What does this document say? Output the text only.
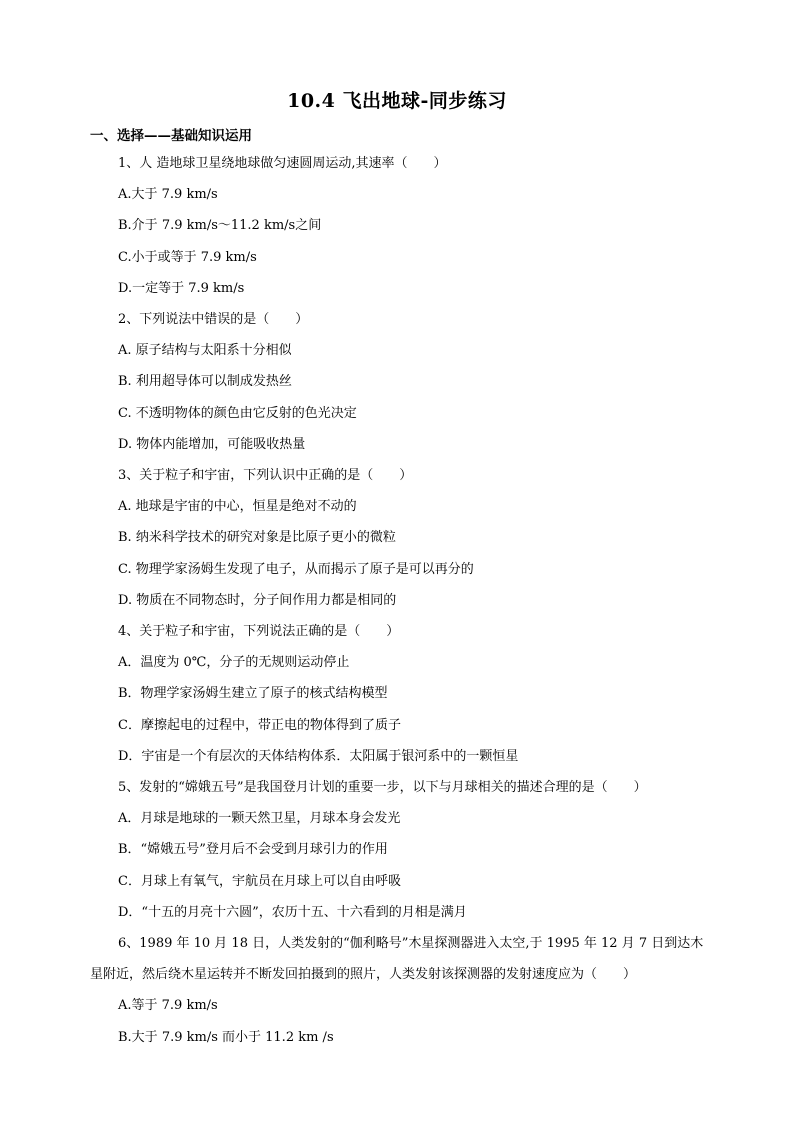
10.4 飞出地球-同步练习
一、选择——基础知识运用
1、人 造地球卫星绕地球做匀速圆周运动,其速率（　　）
A.大于 7.9 km/s
B.介于 7.9 km/s～11.2 km/s之间
C.小于或等于 7.9 km/s
D.一定等于 7.9 km/s
2、下列说法中错误的是（　　）
A. 原子结构与太阳系十分相似
B. 利用超导体可以制成发热丝
C. 不透明物体的颜色由它反射的色光决定
D. 物体内能增加，可能吸收热量
3、关于粒子和宇宙，下列认识中正确的是（　　）
A. 地球是宇宙的中心，恒星是绝对不动的
B. 纳米科学技术的研究对象是比原子更小的微粒
C. 物理学家汤姆生发现了电子，从而揭示了原子是可以再分的
D. 物质在不同物态时，分子间作用力都是相同的
4、关于粒子和宇宙，下列说法正确的是（　　）
A．温度为 0℃，分子的无规则运动停止
B．物理学家汤姆生建立了原子的核式结构模型
C．摩擦起电的过程中，带正电的物体得到了质子
D．宇宙是一个有层次的天体结构体系．太阳属于银河系中的一颗恒星
5、发射的“嫦娥五号”是我国登月计划的重要一步，以下与月球相关的描述合理的是（　　）
A．月球是地球的一颗天然卫星，月球本身会发光
B．“嫦娥五号”登月后不会受到月球引力的作用
C．月球上有氧气，宇航员在月球上可以自由呼吸
D．“十五的月亮十六圆”，农历十五、十六看到的月相是满月
6、1989 年 10 月 18 日，人类发射的“伽利略号”木星探测器进入太空,于 1995 年 12 月 7 日到达木星附近，然后绕木星运转并不断发回拍摄到的照片，人类发射该探测器的发射速度应为（　　）
A.等于 7.9 km/s
B.大于 7.9 km/s 而小于 11.2 km /s
